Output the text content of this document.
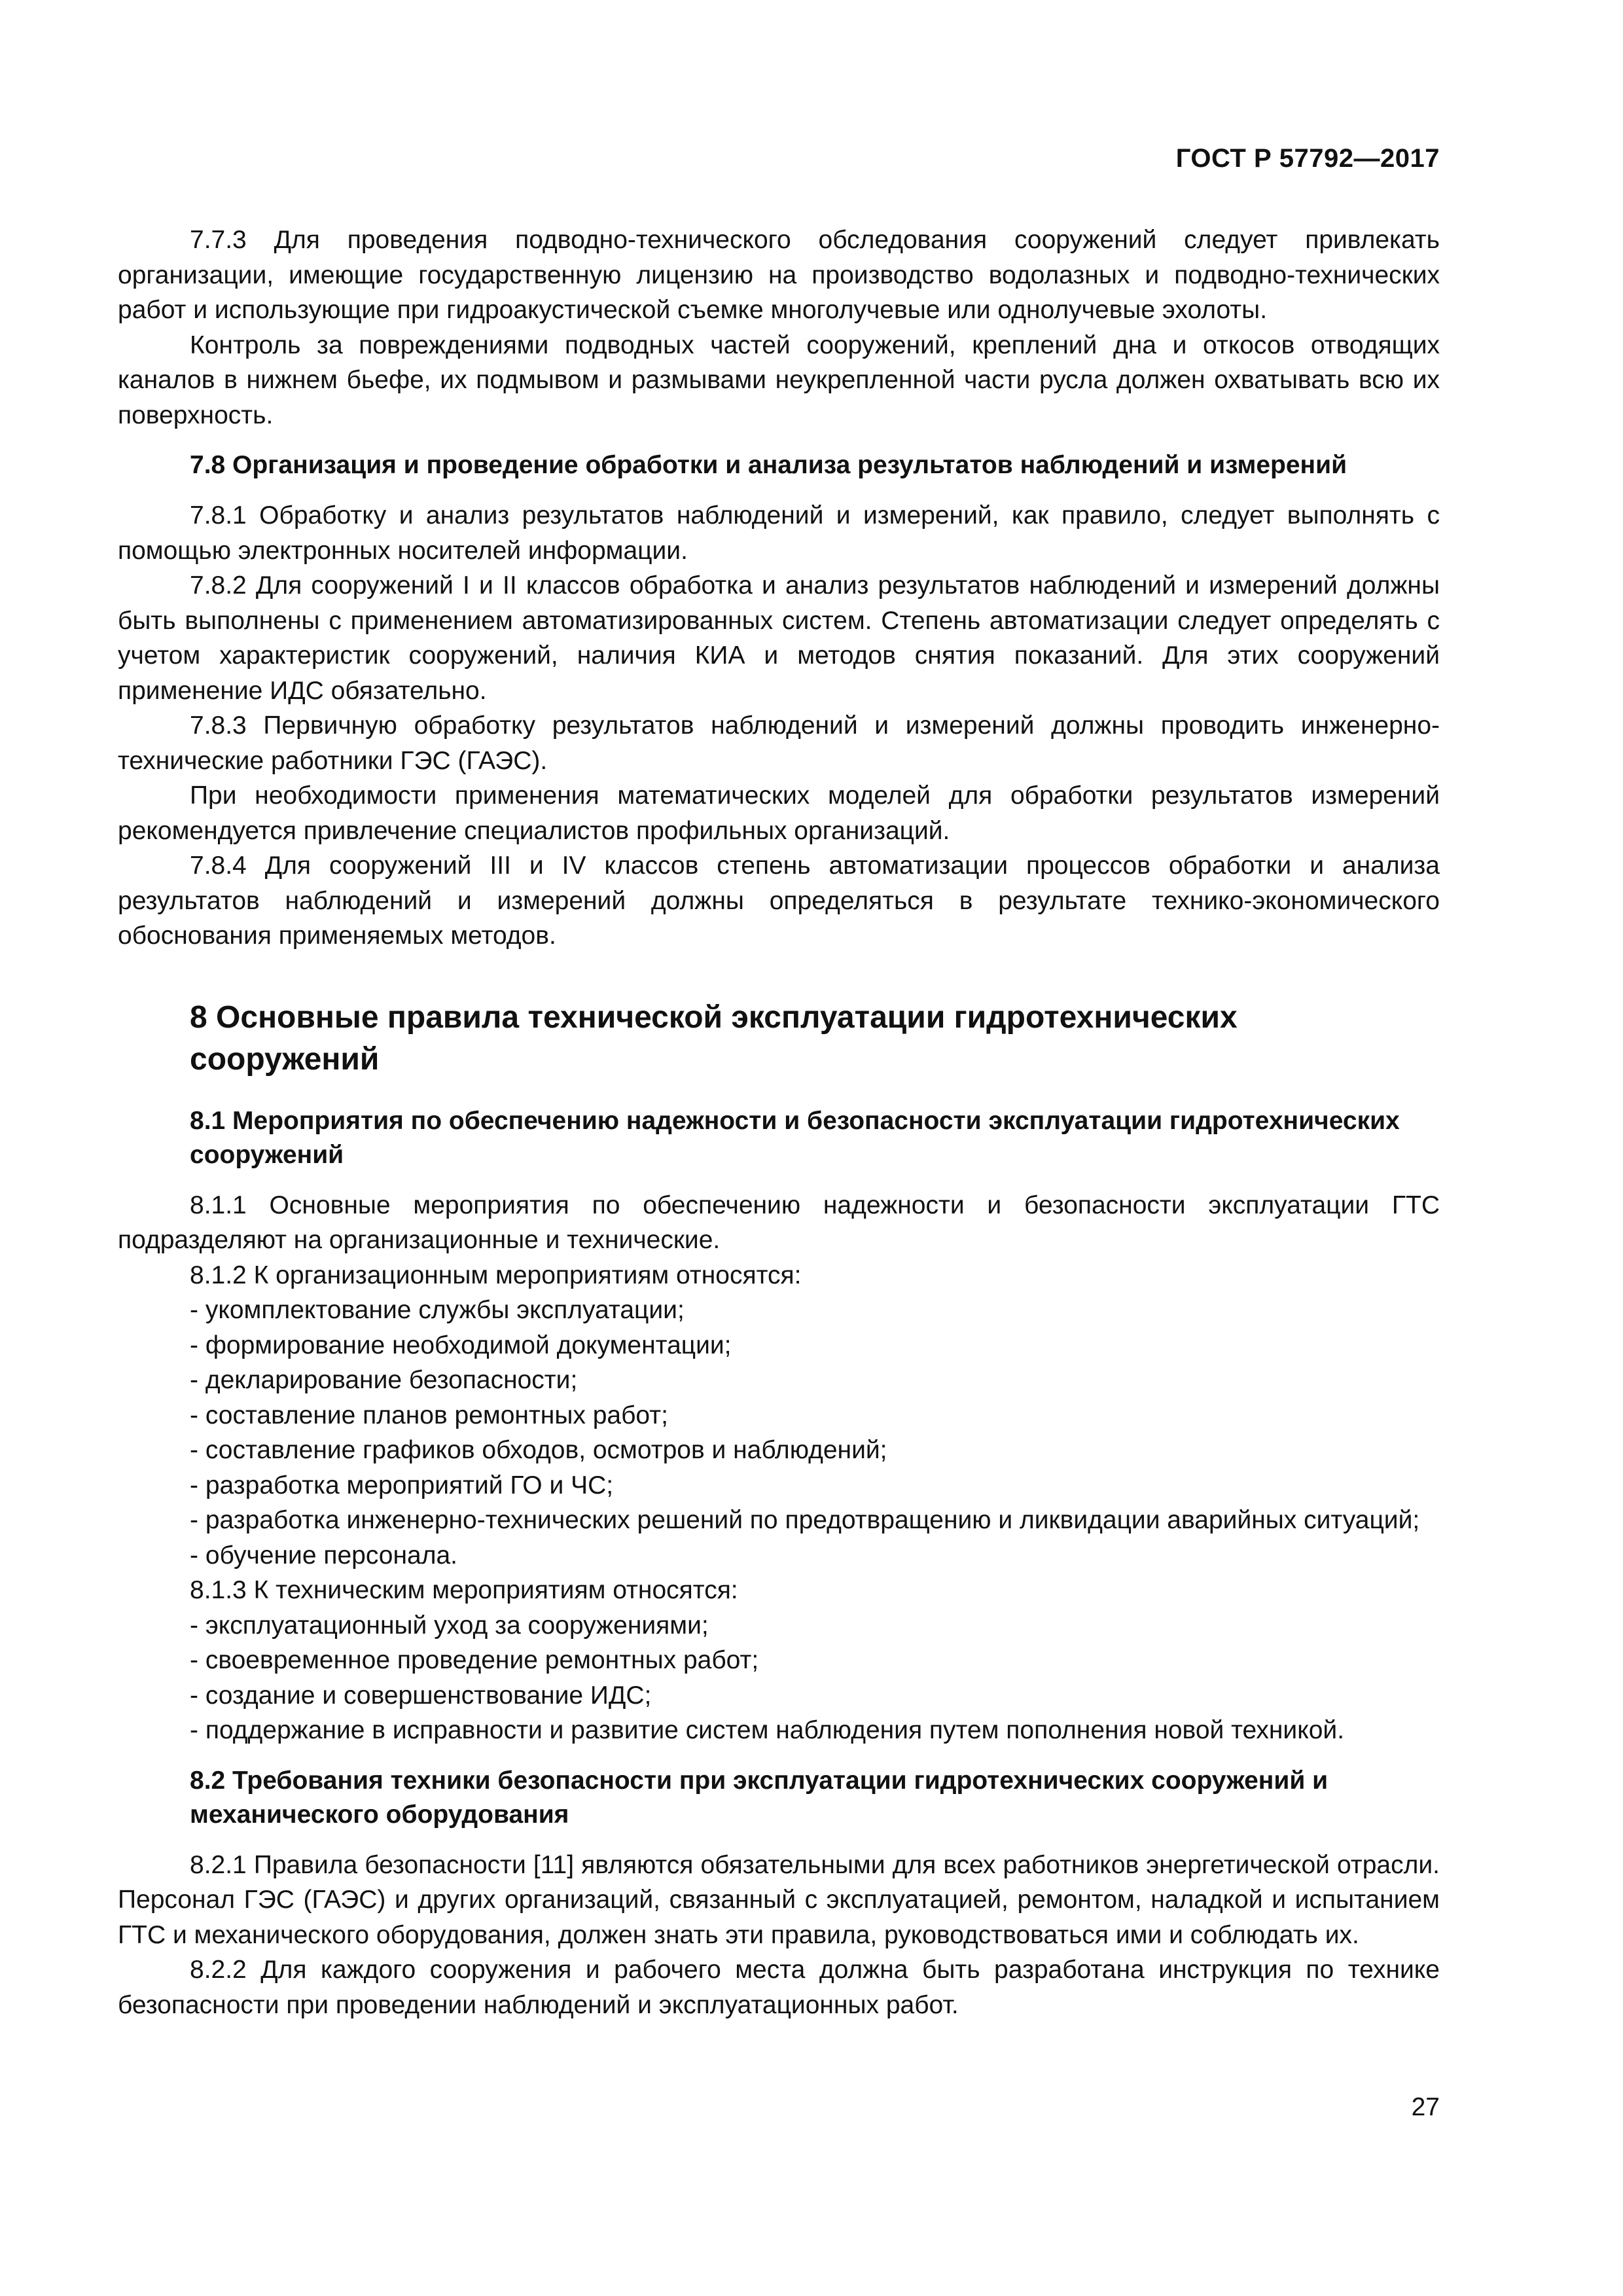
ГОСТ Р 57792—2017

7.7.3 Для проведения подводно-технического обследования сооружений следует привлекать организации, имеющие государственную лицензию на производство водолазных и подводно-технических работ и использующие при гидроакустической съемке многолучевые или однолучевые эхолоты.

Контроль за повреждениями подводных частей сооружений, креплений дна и откосов отводящих каналов в нижнем бьефе, их подмывом и размывами неукрепленной части русла должен охватывать всю их поверхность.

7.8 Организация и проведение обработки и анализа результатов наблюдений и измерений

7.8.1 Обработку и анализ результатов наблюдений и измерений, как правило, следует выполнять с помощью электронных носителей информации.

7.8.2 Для сооружений I и II классов обработка и анализ результатов наблюдений и измерений должны быть выполнены с применением автоматизированных систем. Степень автоматизации следует определять с учетом характеристик сооружений, наличия КИА и методов снятия показаний. Для этих сооружений применение ИДС обязательно.

7.8.3 Первичную обработку результатов наблюдений и измерений должны проводить инженерно-технические работники ГЭС (ГАЭС).

При необходимости применения математических моделей для обработки результатов измерений рекомендуется привлечение специалистов профильных организаций.

7.8.4 Для сооружений III и IV классов степень автоматизации процессов обработки и анализа результатов наблюдений и измерений должны определяться в результате технико-экономического обоснования применяемых методов.

8 Основные правила технической эксплуатации гидротехнических сооружений

8.1 Мероприятия по обеспечению надежности и безопасности эксплуатации гидротехнических сооружений

8.1.1 Основные мероприятия по обеспечению надежности и безопасности эксплуатации ГТС подразделяют на организационные и технические.

8.1.2 К организационным мероприятиям относятся:

- укомплектование службы эксплуатации;

- формирование необходимой документации;

- декларирование безопасности;

- составление планов ремонтных работ;

- составление графиков обходов, осмотров и наблюдений;

- разработка мероприятий ГО и ЧС;

- разработка инженерно-технических решений по предотвращению и ликвидации аварийных ситуаций;

- обучение персонала.

8.1.3 К техническим мероприятиям относятся:

- эксплуатационный уход за сооружениями;

- своевременное проведение ремонтных работ;

- создание и совершенствование ИДС;

- поддержание в исправности и развитие систем наблюдения путем пополнения новой техникой.

8.2 Требования техники безопасности при эксплуатации гидротехнических сооружений и механического оборудования

8.2.1 Правила безопасности [11] являются обязательными для всех работников энергетической отрасли. Персонал ГЭС (ГАЭС) и других организаций, связанный с эксплуатацией, ремонтом, наладкой и испытанием ГТС и механического оборудования, должен знать эти правила, руководствоваться ими и соблюдать их.

8.2.2 Для каждого сооружения и рабочего места должна быть разработана инструкция по технике безопасности при проведении наблюдений и эксплуатационных работ.

27
